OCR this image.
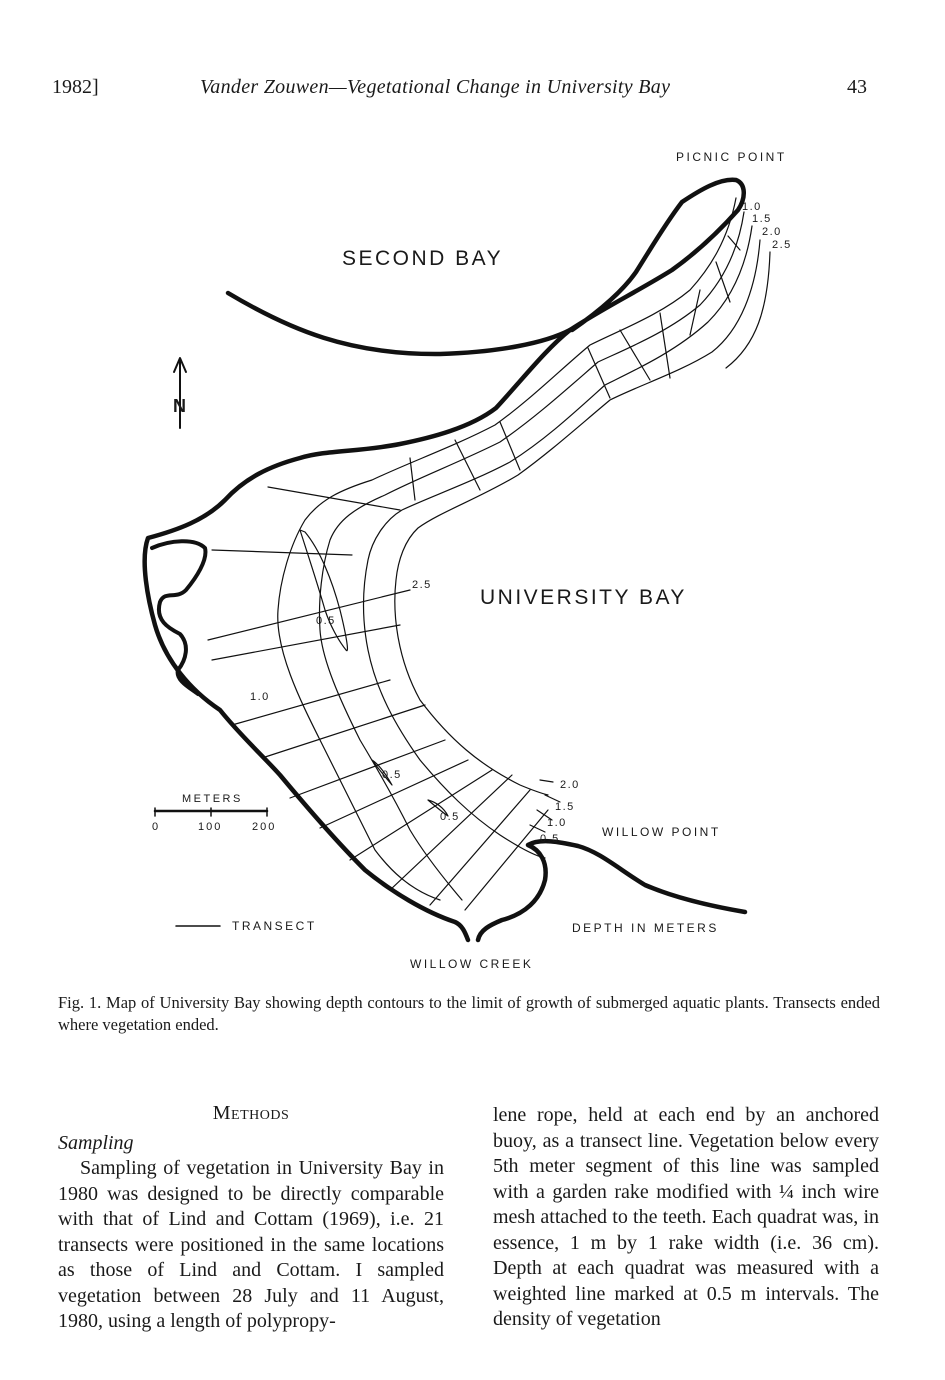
1982]	Vander Zouwen—Vegetational Change in University Bay	43
PICNIC POINT
SECOND BAY
UNIVERSITY BAY
WILLOW POINT
WILLOW CREEK
DEPTH IN METERS
TRANSECT
METERS
0	100	200
N
1.0
1.5
2.0
2.5
2.5
0.5
1.0
0.5
0.5
2.0
1.5
1.0
0.5
Fig. 1. Map of University Bay showing depth contours to the limit of growth of submerged aquatic plants. Transects ended where vegetation ended.
Methods

Sampling

Sampling of vegetation in University Bay in 1980 was designed to be directly comparable with that of Lind and Cottam (1969), i.e. 21 transects were positioned in the same locations as those of Lind and Cottam. I sampled vegetation between 28 July and 11 August, 1980, using a length of polypropy-

lene rope, held at each end by an anchored buoy, as a transect line. Vegetation below every 5th meter segment of this line was sampled with a garden rake modified with ¼ inch wire mesh attached to the teeth. Each quadrat was, in essence, 1 m by 1 rake width (i.e. 36 cm). Depth at each quadrat was measured with a weighted line marked at 0.5 m intervals. The density of vegetation
